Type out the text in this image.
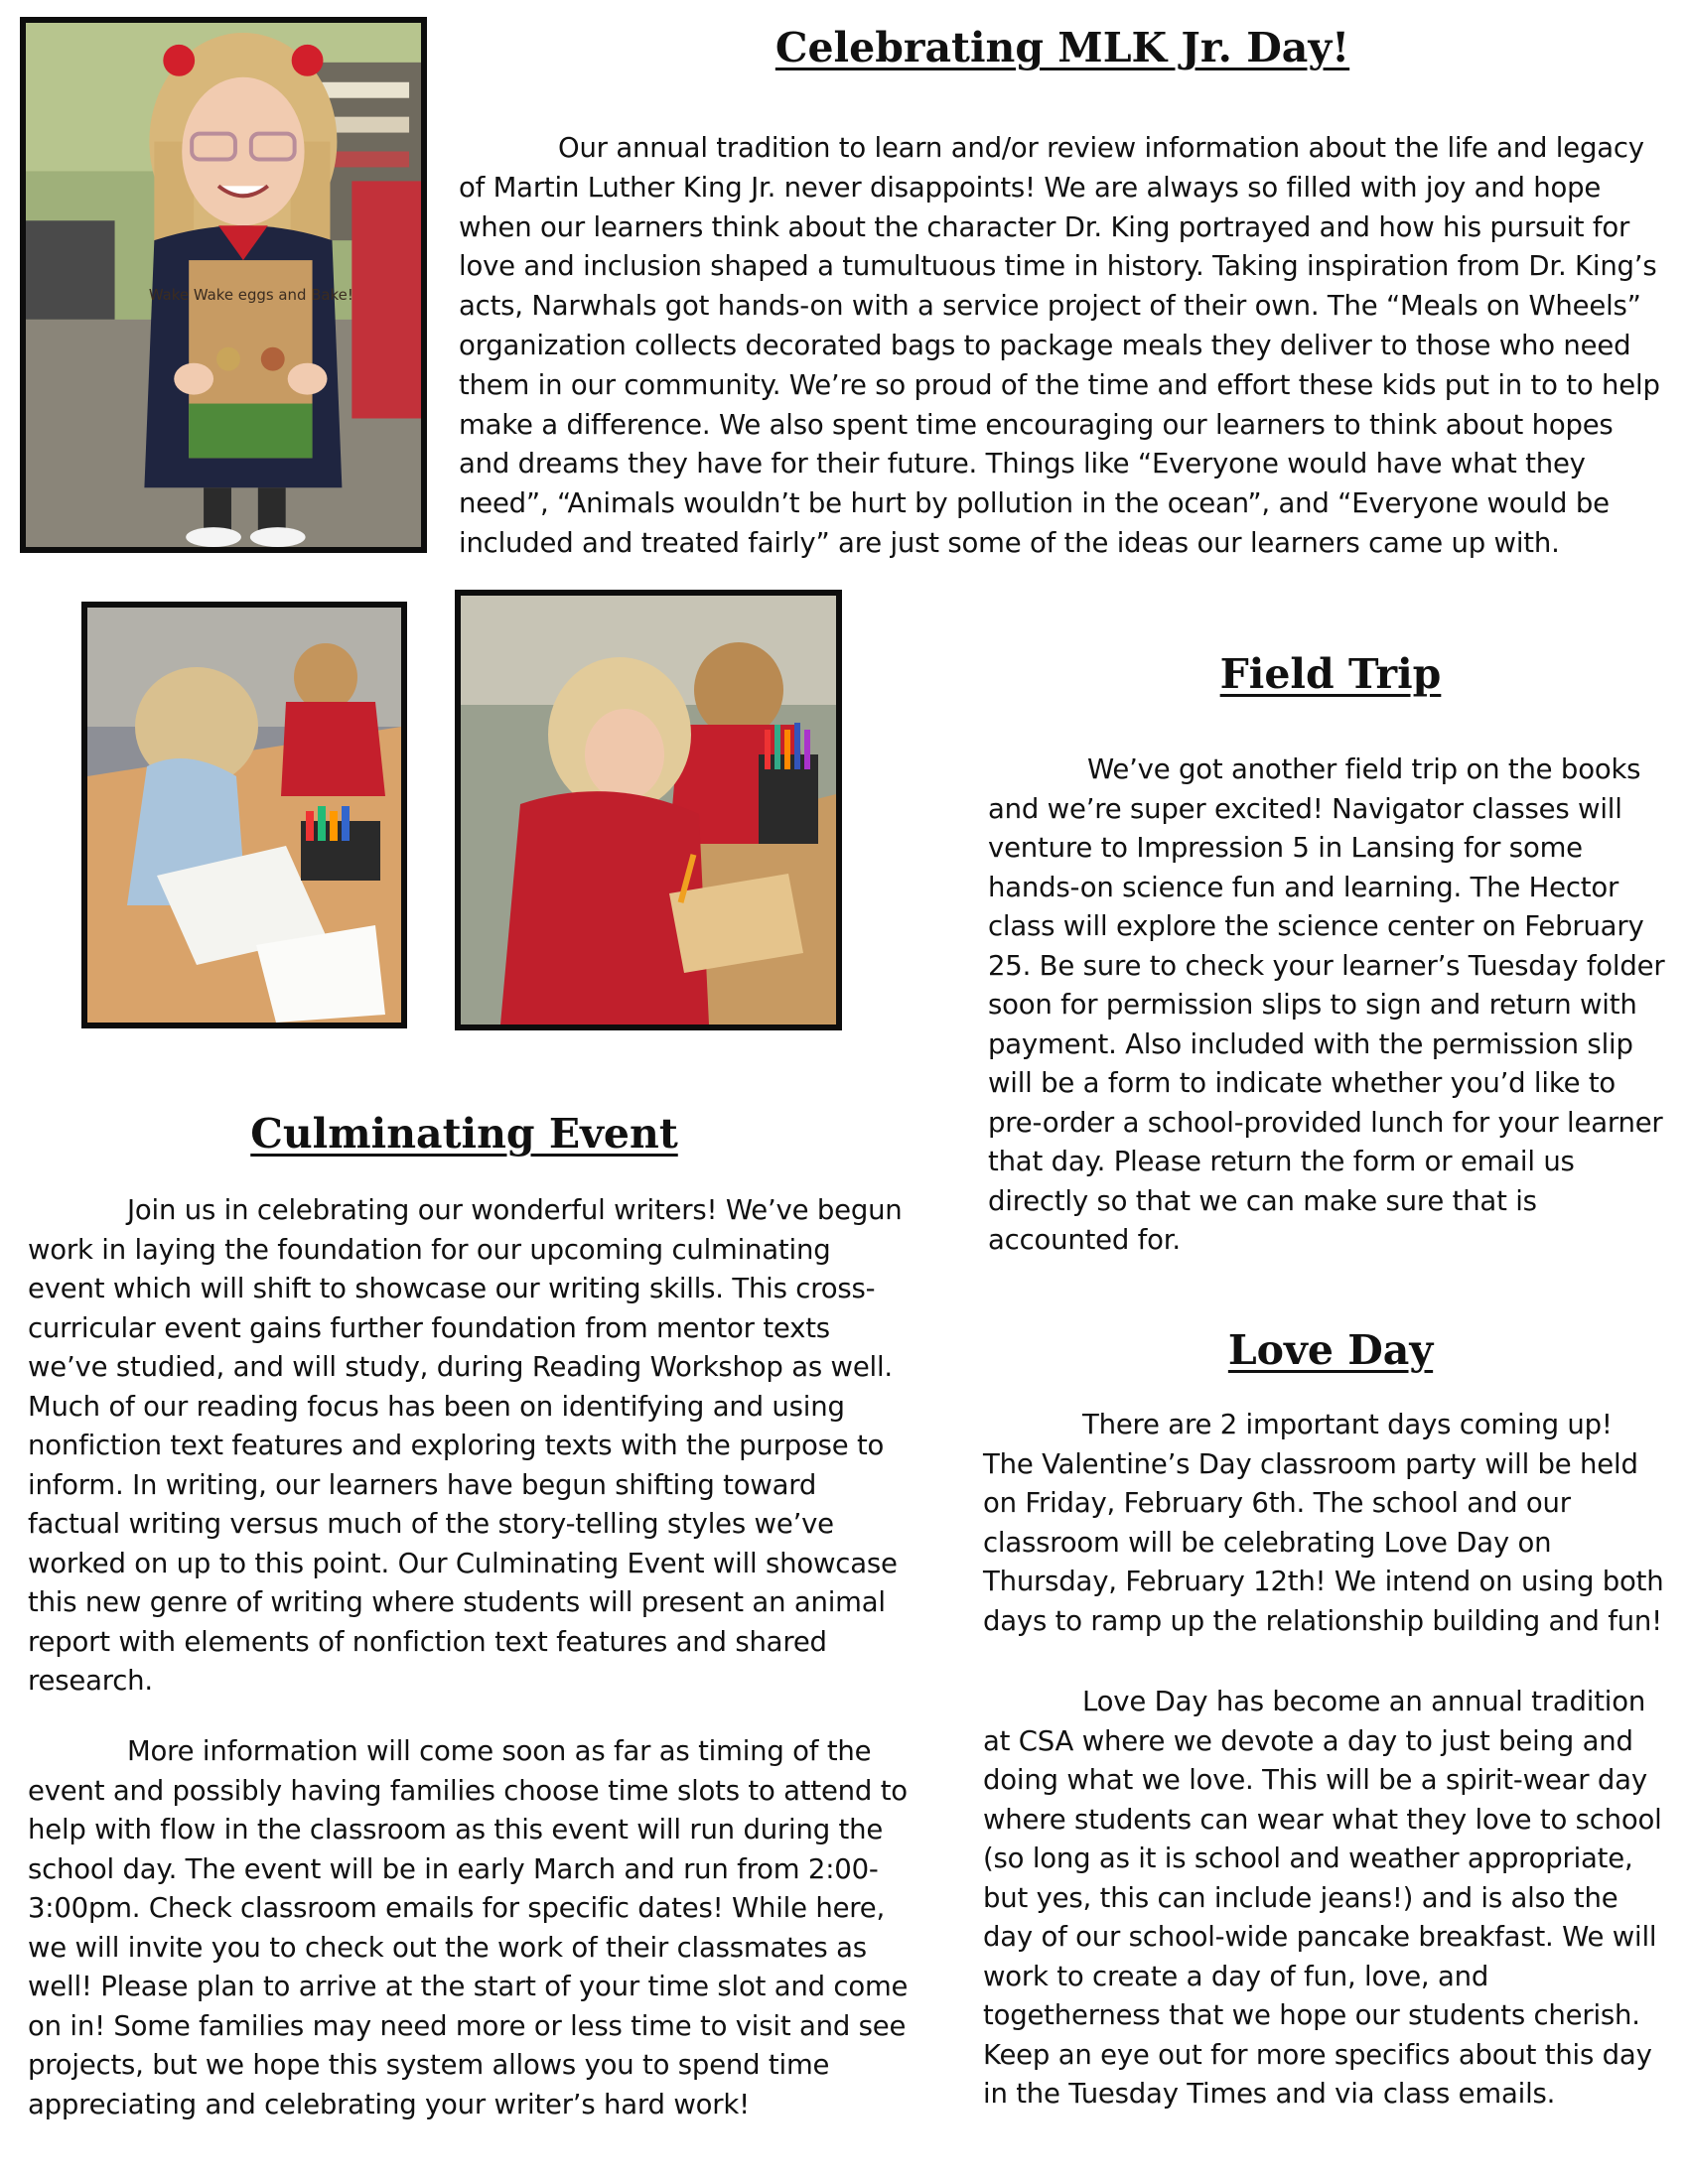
Wake Wake eggs and Bake!
Celebrating MLK Jr. Day!

Our annual tradition to learn and/or review information about the life and legacy of Martin Luther King Jr. never disappoints! We are always so filled with joy and hope when our learners think about the character Dr. King portrayed and how his pursuit for love and inclusion shaped a tumultuous time in history. Taking inspiration from Dr. King’s acts, Narwhals got hands-on with a service project of their own. The “Meals on Wheels” organization collects decorated bags to package meals they deliver to those who need them in our community. We’re so proud of the time and effort these kids put in to to help make a difference. We also spent time encouraging our learners to think about hopes and dreams they have for their future. Things like “Everyone would have what they need”, “Animals wouldn’t be hurt by pollution in the ocean”, and “Everyone would be included and treated fairly” are just some of the ideas our learners came up with.

Field Trip

We’ve got another field trip on the books and we’re super excited! Navigator classes will venture to Impression 5 in Lansing for some hands-on science fun and learning. The Hector class will explore the science center on February 25. Be sure to check your learner’s Tuesday folder soon for permission slips to sign and return with payment. Also included with the permission slip will be a form to indicate whether you’d like to pre-order a school-provided lunch for your learner that day. Please return the form or email us directly so that we can make sure that is accounted for.

Culminating Event

Join us in celebrating our wonderful writers! We’ve begun work in laying the foundation for our upcoming culminating event which will shift to showcase our writing skills. This cross-curricular event gains further foundation from mentor texts we’ve studied, and will study, during Reading Workshop as well. Much of our reading focus has been on identifying and using nonfiction text features and exploring texts with the purpose to inform. In writing, our learners have begun shifting toward factual writing versus much of the story-telling styles we’ve worked on up to this point. Our Culminating Event will showcase this new genre of writing where students will present an animal report with elements of nonfiction text features and shared research.

More information will come soon as far as timing of the event and possibly having families choose time slots to attend to help with flow in the classroom as this event will run during the school day. The event will be in early March and run from 2:00-3:00pm. Check classroom emails for specific dates! While here, we will invite you to check out the work of their classmates as well! Please plan to arrive at the start of your time slot and come on in! Some families may need more or less time to visit and see projects, but we hope this system allows you to spend time appreciating and celebrating your writer’s hard work!

Love Day

There are 2 important days coming up! The Valentine’s Day classroom party will be held on Friday, February 6th. The school and our classroom will be celebrating Love Day on Thursday, February 12th! We intend on using both days to ramp up the relationship building and fun!

Love Day has become an annual tradition at CSA where we devote a day to just being and doing what we love. This will be a spirit-wear day where students can wear what they love to school (so long as it is school and weather appropriate, but yes, this can include jeans!) and is also the day of our school-wide pancake breakfast. We will work to create a day of fun, love, and togetherness that we hope our students cherish. Keep an eye out for more specifics about this day in the Tuesday Times and via class emails.
